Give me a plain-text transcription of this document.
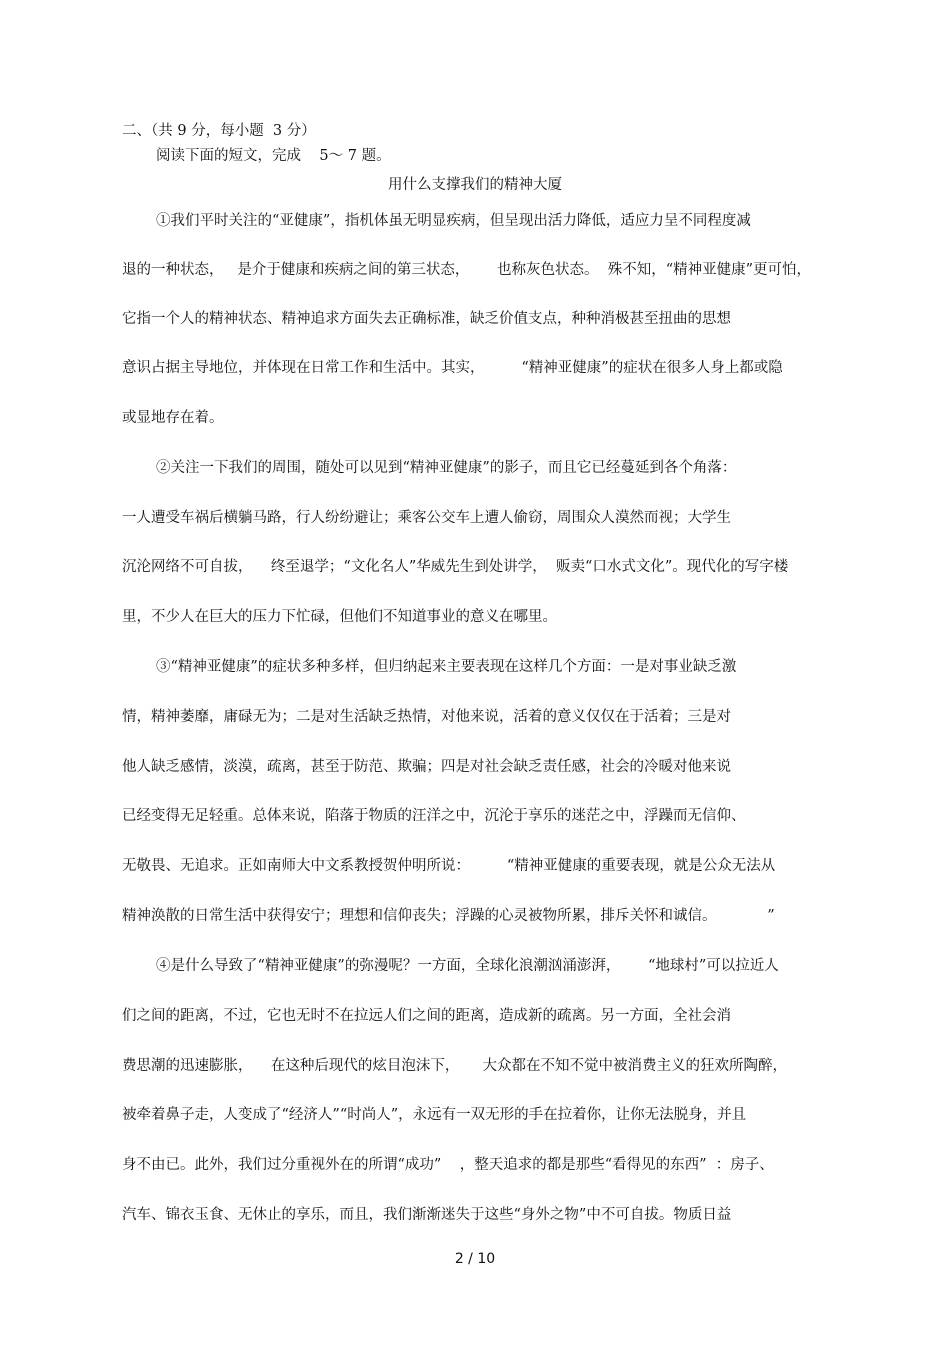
二、（共 9 分，每小题  3 分）
阅读下面的短文，完成    5～ 7 题。
用什么支撑我们的精神大厦
①我们平时关注的“亚健康”，指机体虽无明显疾病，但呈现出活力降低，适应力呈不同程度减
退的一种状态，   是介于健康和疾病之间的第三状态，      也称灰色状态。  殊不知，“精神亚健康”更可怕，
它指一个人的精神状态、精神追求方面失去正确标准，缺乏价值支点，种种消极甚至扭曲的思想
意识占据主导地位，并体现在日常工作和生活中。其实，        “精神亚健康”的症状在很多人身上都或隐
或显地存在着。
②关注一下我们的周围，随处可以见到“精神亚健康”的影子，而且它已经蔓延到各个角落：
一人遭受车祸后横躺马路，行人纷纷避让；乘客公交车上遭人偷窃，周围众人漠然而视；大学生
沉沦网络不可自拔，    终至退学；“文化名人”华威先生到处讲学，  贩卖“口水式文化”。现代化的写字楼
里，不少人在巨大的压力下忙碌，但他们不知道事业的意义在哪里。
③“精神亚健康”的症状多种多样，但归纳起来主要表现在这样几个方面：一是对事业缺乏激
情，精神萎靡，庸碌无为；二是对生活缺乏热情，对他来说，活着的意义仅仅在于活着；三是对
他人缺乏感情，淡漠，疏离，甚至于防范、欺骗；四是对社会缺乏责任感，社会的冷暖对他来说
已经变得无足轻重。总体来说，陷落于物质的汪洋之中，沉沦于享乐的迷茫之中，浮躁而无信仰、
无敬畏、无追求。正如南师大中文系教授贺仲明所说：        “精神亚健康的重要表现，就是公众无法从
精神涣散的日常生活中获得安宁；理想和信仰丧失；浮躁的心灵被物所累，排斥关怀和诚信。           ”
④是什么导致了“精神亚健康”的弥漫呢？一方面，全球化浪潮汹涌澎湃，      “地球村”可以拉近人
们之间的距离，不过，它也无时不在拉远人们之间的距离，造成新的疏离。另一方面，全社会消
费思潮的迅速膨胀，    在这种后现代的炫目泡沫下，     大众都在不知不觉中被消费主义的狂欢所陶醉，
被牵着鼻子走，人变成了“经济人”“时尚人”，永远有一双无形的手在拉着你，让你无法脱身，并且
身不由已。此外，我们过分重视外在的所谓“成功”    ，整天追求的都是那些“看得见的东西”  ：房子、
汽车、锦衣玉食、无休止的享乐，而且，我们渐渐迷失于这些“身外之物”中不可自拔。物质日益
2 / 10
